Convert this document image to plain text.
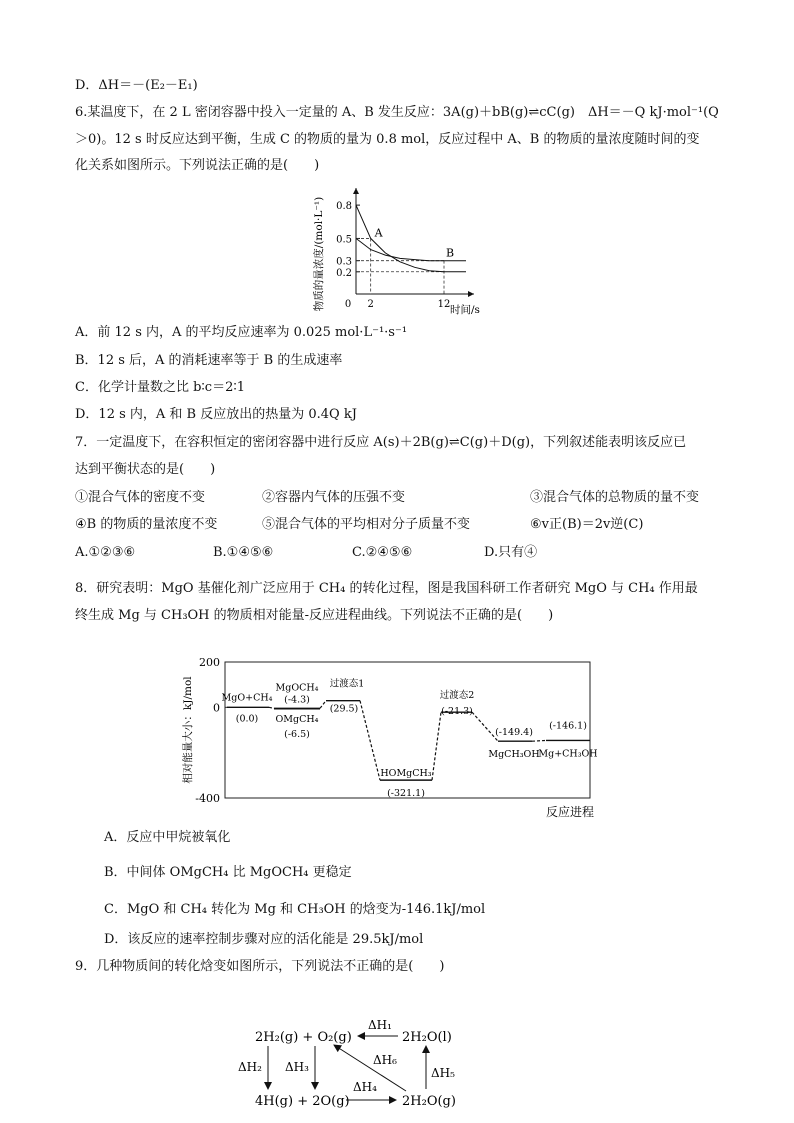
D．ΔH＝－(E₂－E₁)
6.某温度下，在 2 L 密闭容器中投入一定量的 A、B 发生反应：3A(g)＋bB(g)⇌cC(g)　ΔH＝－Q kJ·mol⁻¹(Q
＞0)。12 s 时反应达到平衡，生成 C 的物质的量为 0.8 mol，反应过程中 A、B 的物质的量浓度随时间的变
化关系如图所示。下列说法正确的是(　　)
0.2
0.3
0.5
0.8
0 2	12
A
B
物质的量浓度/(mol·L⁻¹)	时间/s
A．前 12 s 内，A 的平均反应速率为 0.025 mol·L⁻¹·s⁻¹
B．12 s 后，A 的消耗速率等于 B 的生成速率
C．化学计量数之比 b∶c＝2∶1
D．12 s 内，A 和 B 反应放出的热量为 0.4Q kJ
7．一定温度下，在容积恒定的密闭容器中进行反应 A(s)＋2B(g)⇌C(g)＋D(g)，下列叙述能表明该反应已
达到平衡状态的是(　　)
①混合气体的密度不变	②容器内气体的压强不变	③混合气体的总物质的量不变
④B 的物质的量浓度不变	⑤混合气体的平均相对分子质量不变	⑥v正(B)＝2v逆(C)
A.①②③⑥	B.①④⑤⑥	C.②④⑤⑥	D.只有④
8．研究表明：MgO 基催化剂广泛应用于 CH₄ 的转化过程，图是我国科研工作者研究 MgO 与 CH₄ 作用最
终生成 Mg 与 CH₃OH 的物质相对能量-反应进程曲线。下列说法不正确的是(　　)
200
0
-400
MgO+CH₄
(0.0)
MgOCH₄
(-4.3)
OMgCH₄
(-6.5)
过渡态1
(29.5)
HOMgCH₃
(-321.1)
过渡态2
(-21.3)
(-149.4)
MgCH₃OH
(-146.1)
Mg+CH₃OH
相对能量大小：kJ/mol
反应进程
A．反应中甲烷被氧化
B．中间体 OMgCH₄ 比 MgOCH₄ 更稳定
C．MgO 和 CH₄ 转化为 Mg 和 CH₃OH 的焓变为-146.1kJ/mol
D．该反应的速率控制步骤对应的活化能是 29.5kJ/mol
9．几种物质间的转化焓变如图所示，下列说法不正确的是(　　)
2H₂(g) + O₂(g)	2H₂O(l)
4H(g) + 2O(g)	2H₂O(g)
ΔH₁
ΔH₂ ΔH₃
ΔH₄
ΔH₅
ΔH₆
